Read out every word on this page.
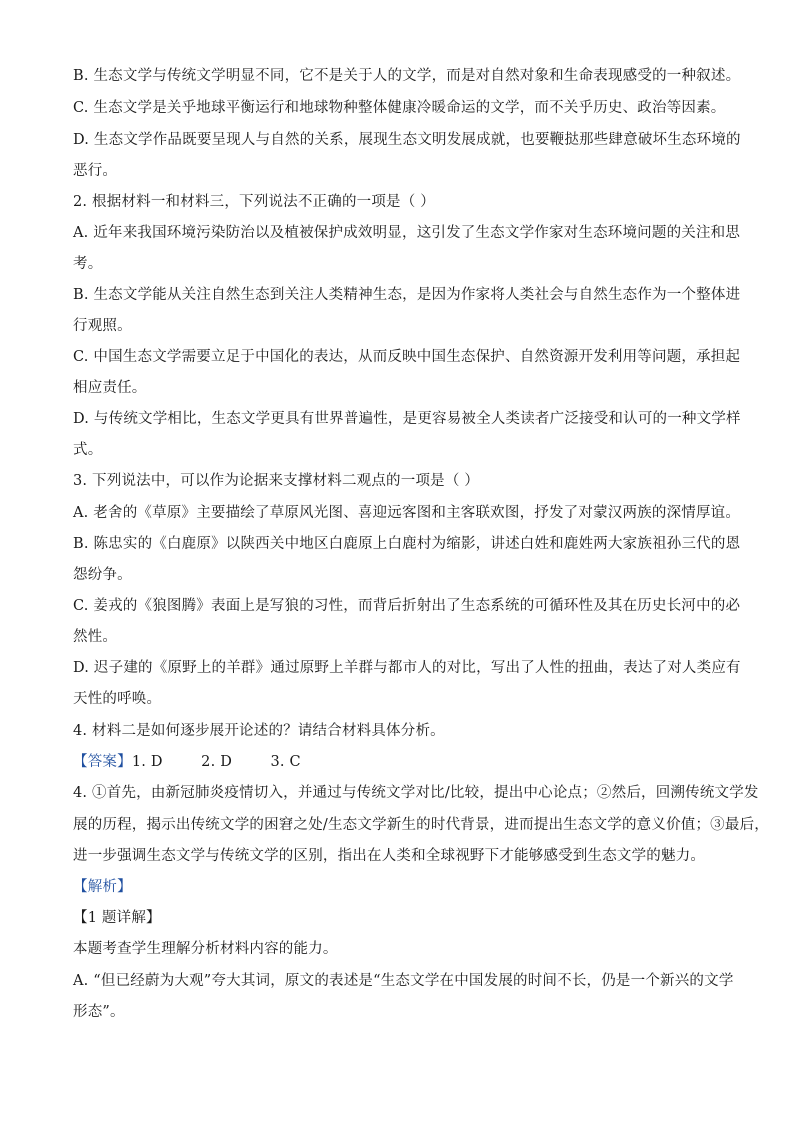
B. 生态文学与传统文学明显不同，它不是关于人的文学，而是对自然对象和生命表现感受的一种叙述。
C. 生态文学是关乎地球平衡运行和地球物种整体健康冷暖命运的文学，而不关乎历史、政治等因素。
D. 生态文学作品既要呈现人与自然的关系，展现生态文明发展成就，也要鞭挞那些肆意破坏生态环境的
恶行。
2. 根据材料一和材料三，下列说法不正确的一项是（ ）
A. 近年来我国环境污染防治以及植被保护成效明显，这引发了生态文学作家对生态环境问题的关注和思
考。
B. 生态文学能从关注自然生态到关注人类精神生态，是因为作家将人类社会与自然生态作为一个整体进
行观照。
C. 中国生态文学需要立足于中国化的表达，从而反映中国生态保护、自然资源开发利用等问题，承担起
相应责任。
D. 与传统文学相比，生态文学更具有世界普遍性，是更容易被全人类读者广泛接受和认可的一种文学样
式。
3. 下列说法中，可以作为论据来支撑材料二观点的一项是（ ）
A. 老舍的《草原》主要描绘了草原风光图、喜迎远客图和主客联欢图，抒发了对蒙汉两族的深情厚谊。
B. 陈忠实的《白鹿原》以陕西关中地区白鹿原上白鹿村为缩影，讲述白姓和鹿姓两大家族祖孙三代的恩
怨纷争。
C. 姜戎的《狼图腾》表面上是写狼的习性，而背后折射出了生态系统的可循环性及其在历史长河中的必
然性。
D. 迟子建的《原野上的羊群》通过原野上羊群与都市人的对比，写出了人性的扭曲，表达了对人类应有
天性的呼唤。
4. 材料二是如何逐步展开论述的？请结合材料具体分析。
【答案】1. D        2. D        3. C
4. ①首先，由新冠肺炎疫情切入，并通过与传统文学对比/比较，提出中心论点；②然后，回溯传统文学发
展的历程，揭示出传统文学的困窘之处/生态文学新生的时代背景，进而提出生态文学的意义价值；③最后，
进一步强调生态文学与传统文学的区别，指出在人类和全球视野下才能够感受到生态文学的魅力。
【解析】
【1 题详解】
本题考查学生理解分析材料内容的能力。
A. “但已经蔚为大观”夸大其词，原文的表述是“生态文学在中国发展的时间不长，仍是一个新兴的文学
形态”。
